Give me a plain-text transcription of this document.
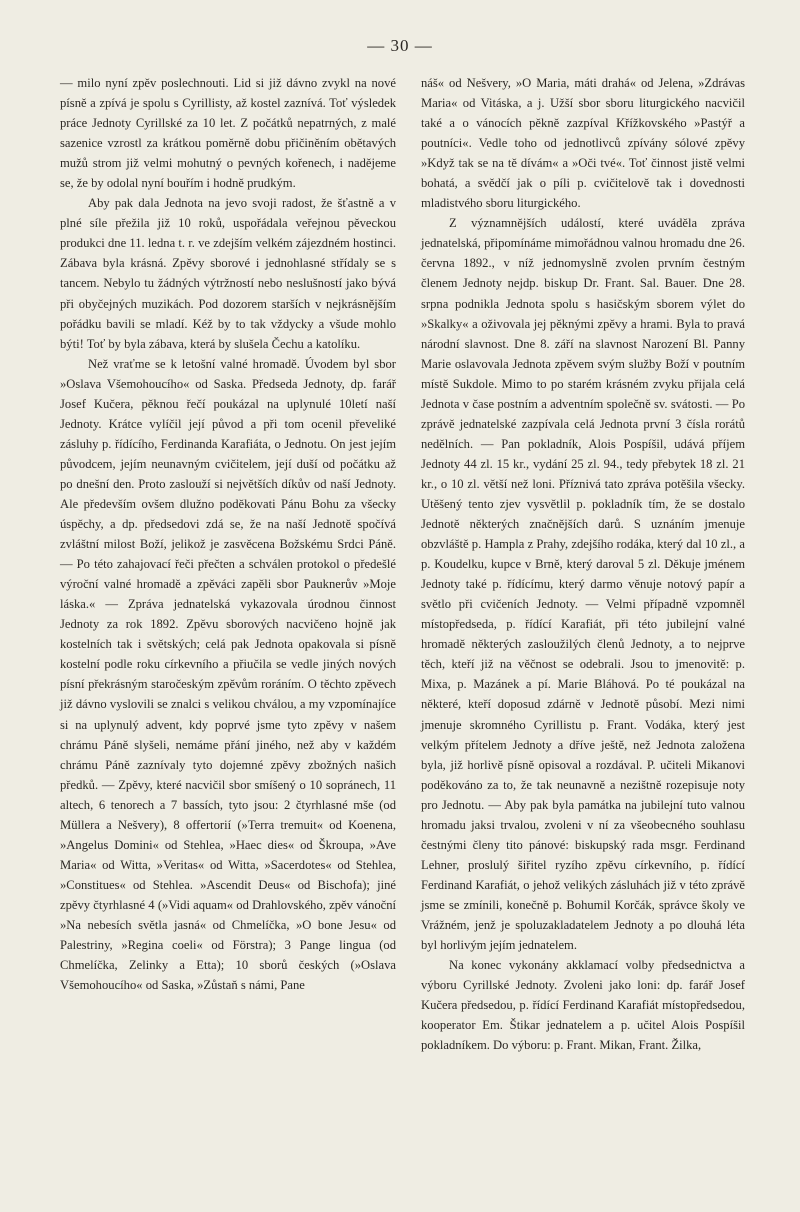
— 30 —

— milo nyní zpěv poslechnouti. Lid si již dávno zvykl na nové písně a zpívá je spolu s Cyrillisty, až kostel zaznívá. Toť výsledek práce Jednoty Cyrillské za 10 let. Z počátků nepatrných, z malé sazenice vzrostl za krátkou poměrně dobu přičiněním obětavých mužů strom již velmi mohutný o pevných kořenech, i nadějeme se, že by odolal nyní bouřím i hodně prudkým.

Aby pak dala Jednota na jevo svoji radost, že šťastně a v plné síle přežila již 10 roků, uspořádala veřejnou pěveckou produkci dne 11. ledna t. r. ve zdejším velkém zájezdném hostinci. Zábava byla krásná. Zpěvy sborové i jednohlasné střídaly se s tancem. Nebylo tu žádných výtržností nebo neslušností jako bývá při obyčejných muzikách. Pod dozorem starších v nejkrásnějším pořádku bavili se mladí. Kéž by to tak vždycky a všude mohlo býti! Toť by byla zábava, která by slušela Čechu a katolíku.

Než vraťme se k letošní valné hromadě. Úvodem byl sbor »Oslava Všemohoucího« od Saska. Předseda Jednoty, dp. farář Josef Kučera, pěknou řečí poukázal na uplynulé 10letí naší Jednoty. Krátce vylíčil její původ a při tom ocenil převeliké zásluhy p. řídícího, Ferdinanda Karafiáta, o Jednotu. On jest jejím původcem, jejím neunavným cvičitelem, její duší od počátku až po dnešní den. Proto zaslouží si největších díkův od naší Jednoty. Ale především ovšem dlužno poděkovati Pánu Bohu za všecky úspěchy, a dp. předsedovi zdá se, že na naší Jednotě spočívá zvláštní milost Boží, jelikož je zasvěcena Božskému Srdci Páně. — Po této zahajovací řeči přečten a schválen protokol o předešlé výroční valné hromadě a zpěváci zapěli sbor Pauknerův »Moje láska.« — Zpráva jednatelská vykazovala úrodnou činnost Jednoty za rok 1892. Zpěvu sborových nacvičeno hojně jak kostelních tak i světských; celá pak Jednota opakovala si písně kostelní podle roku církevního a přiučila se vedle jiných nových písní překrásným staročeským zpěvům roráním. O těchto zpěvech již dávno vyslovili se znalci s velikou chválou, a my vzpomínajíce si na uplynulý advent, kdy poprvé jsme tyto zpěvy v našem chrámu Páně slyšeli, nemáme přání jiného, než aby v každém chrámu Páně zaznívaly tyto dojemné zpěvy zbožných našich předků. — Zpěvy, které nacvičil sbor smíšený o 10 sopránech, 11 altech, 6 tenorech a 7 bassích, tyto jsou: 2 čtyrhlasné mše (od Müllera a Nešvery), 8 offertorií (»Terra tremuit« od Koenena, »Angelus Domini« od Stehlea, »Haec dies« od Škroupa, »Ave Maria« od Witta, »Veritas« od Witta, »Sacerdotes« od Stehlea, »Constitues« od Stehlea. »Ascendit Deus« od Bischofa); jiné zpěvy čtyrhlasné 4 (»Vidi aquam« od Drahlovského, zpěv vánoční »Na nebesích světla jasná« od Chmelíčka, »O bone Jesu« od Palestriny, »Regina coeli« od Förstra); 3 Pange lingua (od Chmelíčka, Zelinky a Etta); 10 sborů českých (»Oslava Všemohoucího« od Saska, »Zůstaň s námi, Pane

náš« od Nešvery, »O Maria, máti drahá« od Jelena, »Zdrávas Maria« od Vitáska, a j. Užší sbor sboru liturgického nacvičil také a o vánocích pěkně zazpíval Křížkovského »Pastýř a poutníci«. Vedle toho od jednotlivců zpívány sólové zpěvy »Když tak se na tě dívám« a »Oči tvé«. Toť činnost jistě velmi bohatá, a svědčí jak o píli p. cvičitelově tak i dovednosti mladistvého sboru liturgického.

Z významnějších událostí, které uváděla zpráva jednatelská, připomínáme mimořádnou valnou hromadu dne 26. června 1892., v níž jednomyslně zvolen prvním čestným členem Jednoty nejdp. biskup Dr. Frant. Sal. Bauer. Dne 28. srpna podnikla Jednota spolu s hasičským sborem výlet do »Skalky« a oživovala jej pěknými zpěvy a hrami. Byla to pravá národní slavnost. Dne 8. září na slavnost Narození Bl. Panny Marie oslavovala Jednota zpěvem svým služby Boží v poutním místě Sukdole. Mimo to po starém krásném zvyku přijala celá Jednota v čase postním a adventním společně sv. svátosti. — Po zprávě jednatelské zazpívala celá Jednota první 3 čísla rorátů nedělních. — Pan pokladník, Alois Pospíšil, udává příjem Jednoty 44 zl. 15 kr., vydání 25 zl. 94., tedy přebytek 18 zl. 21 kr., o 10 zl. větší než loni. Příznivá tato zpráva potěšila všecky. Utěšený tento zjev vysvětlil p. pokladník tím, že se dostalo Jednotě některých značnějších darů. S uznáním jmenuje obzvláště p. Hampla z Prahy, zdejšího rodáka, který dal 10 zl., a p. Koudelku, kupce v Brně, který daroval 5 zl. Děkuje jménem Jednoty také p. řídícímu, který darmo věnuje notový papír a světlo při cvičeních Jednoty. — Velmi případně vzpomněl místopředseda, p. řídící Karafiát, při této jubilejní valné hromadě některých zasloužilých členů Jednoty, a to nejprve těch, kteří již na věčnost se odebrali. Jsou to jmenovitě: p. Mixa, p. Mazánek a pí. Marie Bláhová. Po té poukázal na některé, kteří doposud zdárně v Jednotě působí. Mezi nimi jmenuje skromného Cyrillistu p. Frant. Vodáka, který jest velkým přítelem Jednoty a dříve ještě, než Jednota založena byla, již horlivě písně opisoval a rozdával. P. učiteli Mikanovi poděkováno za to, že tak neunavně a nezištně rozepisuje noty pro Jednotu. — Aby pak byla památka na jubilejní tuto valnou hromadu jaksi trvalou, zvoleni v ní za všeobecného souhlasu čestnými členy tito pánové: biskupský rada msgr. Ferdinand Lehner, proslulý šiřitel ryzího zpěvu církevního, p. řídící Ferdinand Karafiát, o jehož velikých zásluhách již v této zprávě jsme se zmínili, konečně p. Bohumil Korčák, správce školy ve Vrážném, jenž je spoluzakladatelem Jednoty a po dlouhá léta byl horlivým jejím jednatelem.

Na konec vykonány akklamací volby předsednictva a výboru Cyrillské Jednoty. Zvoleni jako loni: dp. farář Josef Kučera předsedou, p. řídící Ferdinand Karafiát místopředsedou, kooperator Em. Štikar jednatelem a p. učitel Alois Pospíšil pokladníkem. Do výboru: p. Frant. Mikan, Frant. Žilka,
